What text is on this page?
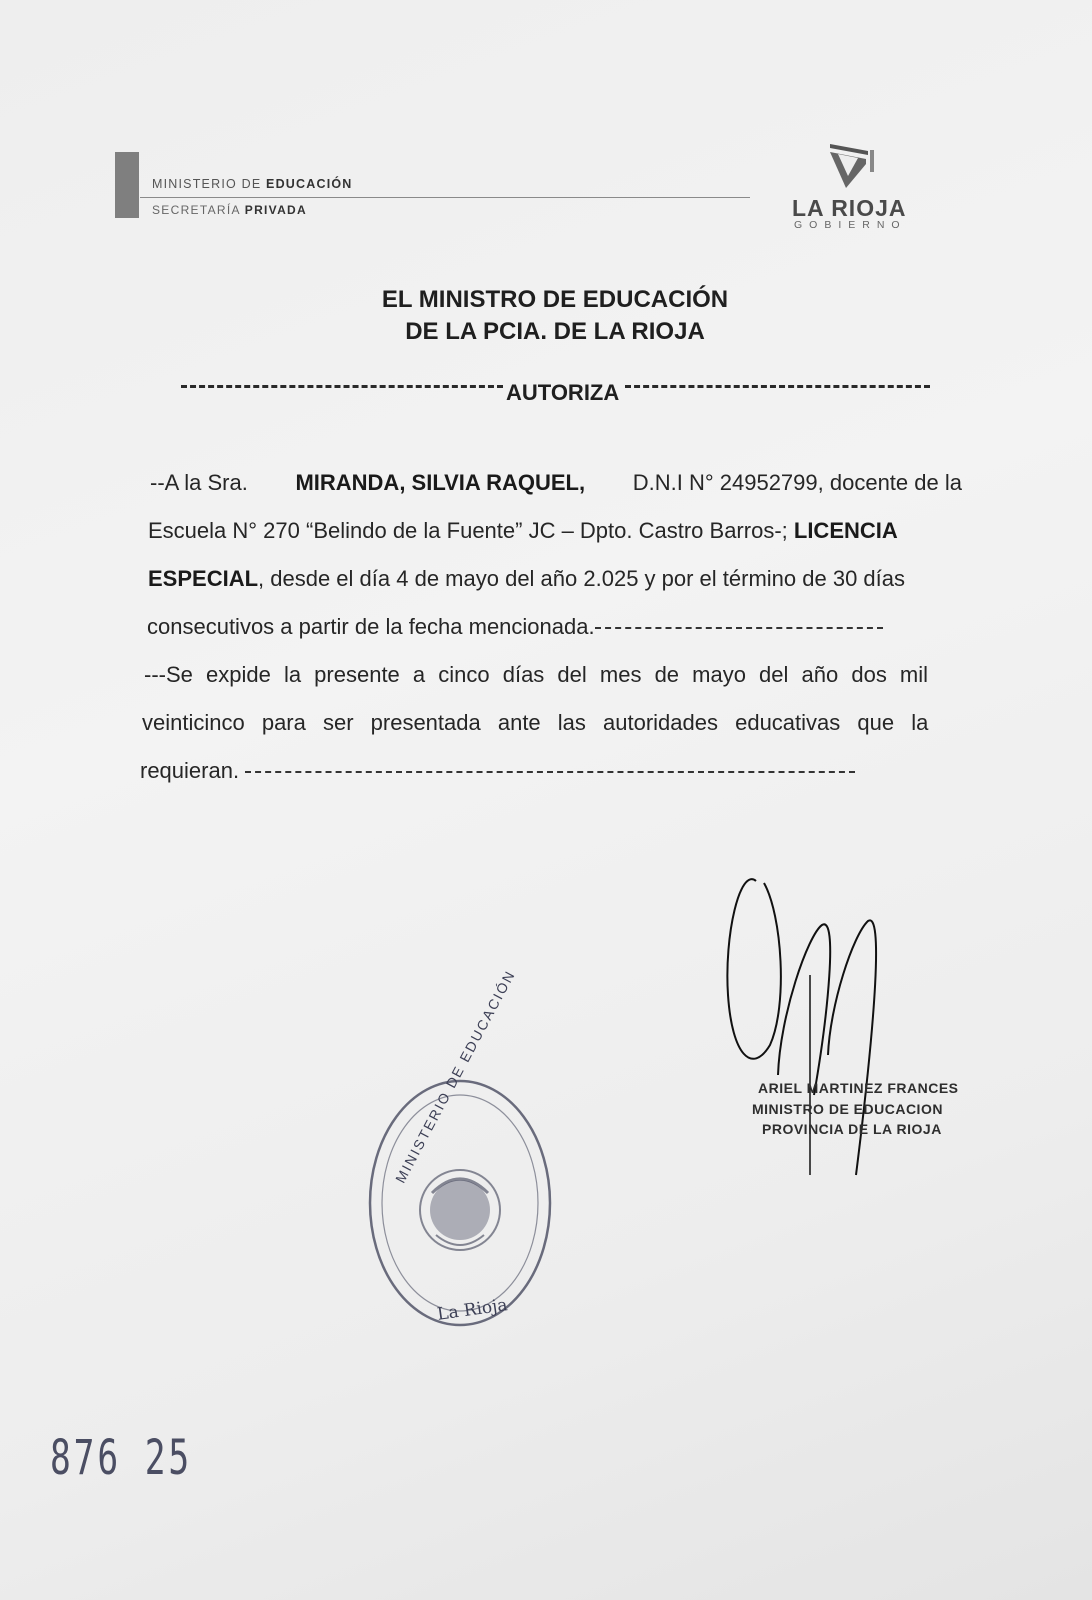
MINISTERIO DE EDUCACIÓN
SECRETARÍA PRIVADA	LA RIOJA
GOBIERNO
EL MINISTRO DE EDUCACIÓN
DE LA PCIA. DE LA RIOJA
AUTORIZA
--A la Sra. MIRANDA, SILVIA RAQUEL, D.N.I N° 24952799, docente de la
Escuela N° 270 “Belindo de la Fuente” JC – Dpto. Castro Barros-; LICENCIA
ESPECIAL, desde el día 4 de mayo del año 2.025 y por el término de 30 días
consecutivos a partir de la fecha mencionada.
---Se expide la presente a cinco días del mes de mayo del año dos mil
veinticinco para ser presentada ante las autoridades educativas que la
requieran.
ARIEL MARTINEZ FRANCES
MINISTRO DE EDUCACION
PROVINCIA DE LA RIOJA
MINISTERIO DE EDUCACIÓN
La Rioja
876 25
